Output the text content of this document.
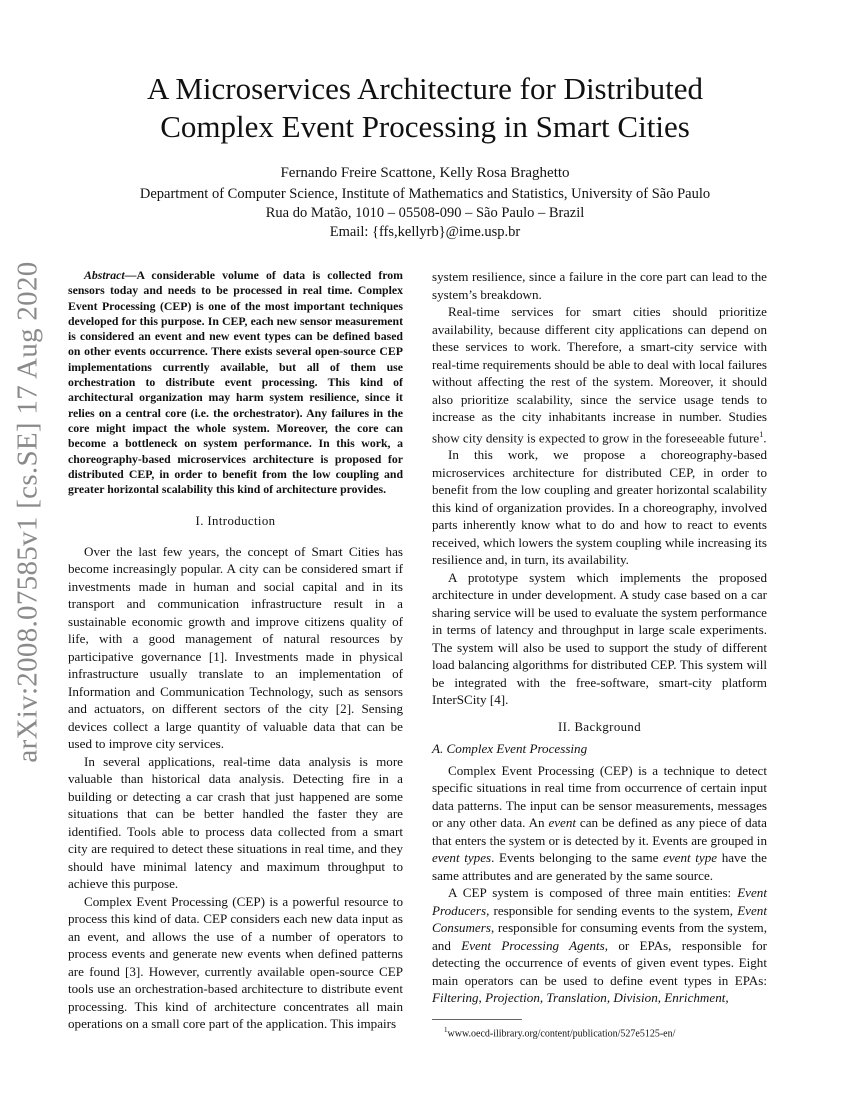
arXiv:2008.07585v1 [cs.SE] 17 Aug 2020
A Microservices Architecture for Distributed
Complex Event Processing in Smart Cities
Fernando Freire Scattone, Kelly Rosa Braghetto
Department of Computer Science, Institute of Mathematics and Statistics, University of São Paulo
Rua do Matão, 1010 – 05508-090 – São Paulo – Brazil
Email: {ffs,kellyrb}@ime.usp.br

Abstract—A considerable volume of data is collected from sensors today and needs to be processed in real time. Complex Event Processing (CEP) is one of the most important techniques developed for this purpose. In CEP, each new sensor measurement is considered an event and new event types can be defined based on other events occurrence. There exists several open-source CEP implementations currently available, but all of them use orchestration to distribute event processing. This kind of architectural organization may harm system resilience, since it relies on a central core (i.e. the orchestrator). Any failures in the core might impact the whole system. Moreover, the core can become a bottleneck on system performance. In this work, a choreography-based microservices architecture is proposed for distributed CEP, in order to benefit from the low coupling and greater horizontal scalability this kind of architecture provides.

I. Introduction

Over the last few years, the concept of Smart Cities has become increasingly popular. A city can be considered smart if investments made in human and social capital and in its transport and communication infrastructure result in a sustainable economic growth and improve citizens quality of life, with a good management of natural resources by participative governance [1]. Investments made in physical infrastructure usually translate to an implementation of Information and Communication Technology, such as sensors and actuators, on different sectors of the city [2]. Sensing devices collect a large quantity of valuable data that can be used to improve city services.

In several applications, real-time data analysis is more valuable than historical data analysis. Detecting fire in a building or detecting a car crash that just happened are some situations that can be better handled the faster they are identified. Tools able to process data collected from a smart city are required to detect these situations in real time, and they should have minimal latency and maximum throughput to achieve this purpose.

Complex Event Processing (CEP) is a powerful resource to process this kind of data. CEP considers each new data input as an event, and allows the use of a number of operators to process events and generate new events when defined patterns are found [3]. However, currently available open-source CEP tools use an orchestration-based architecture to distribute event processing. This kind of architecture concentrates all main operations on a small core part of the application. This impairs

system resilience, since a failure in the core part can lead to the system’s breakdown.

Real-time services for smart cities should prioritize availability, because different city applications can depend on these services to work. Therefore, a smart-city service with real-time requirements should be able to deal with local failures without affecting the rest of the system. Moreover, it should also prioritize scalability, since the service usage tends to increase as the city inhabitants increase in number. Studies show city density is expected to grow in the foreseeable future$^1$.

In this work, we propose a choreography-based microservices architecture for distributed CEP, in order to benefit from the low coupling and greater horizontal scalability this kind of organization provides. In a choreography, involved parts inherently know what to do and how to react to events received, which lowers the system coupling while increasing its resilience and, in turn, its availability.

A prototype system which implements the proposed architecture in under development. A study case based on a car sharing service will be used to evaluate the system performance in terms of latency and throughput in large scale experiments. The system will also be used to support the study of different load balancing algorithms for distributed CEP. This system will be integrated with the free-software, smart-city platform InterSCity [4].

II. Background
A. Complex Event Processing

Complex Event Processing (CEP) is a technique to detect specific situations in real time from occurrence of certain input data patterns. The input can be sensor measurements, messages or any other data. An event can be defined as any piece of data that enters the system or is detected by it. Events are grouped in event types. Events belonging to the same event type have the same attributes and are generated by the same source.

A CEP system is composed of three main entities: Event Producers, responsible for sending events to the system, Event Consumers, responsible for consuming events from the system, and Event Processing Agents, or EPAs, responsible for detecting the occurrence of events of given event types. Eight main operators can be used to define event types in EPAs: Filtering, Projection, Translation, Division, Enrichment,

$^1$www.oecd-ilibrary.org/content/publication/527e5125-en/
